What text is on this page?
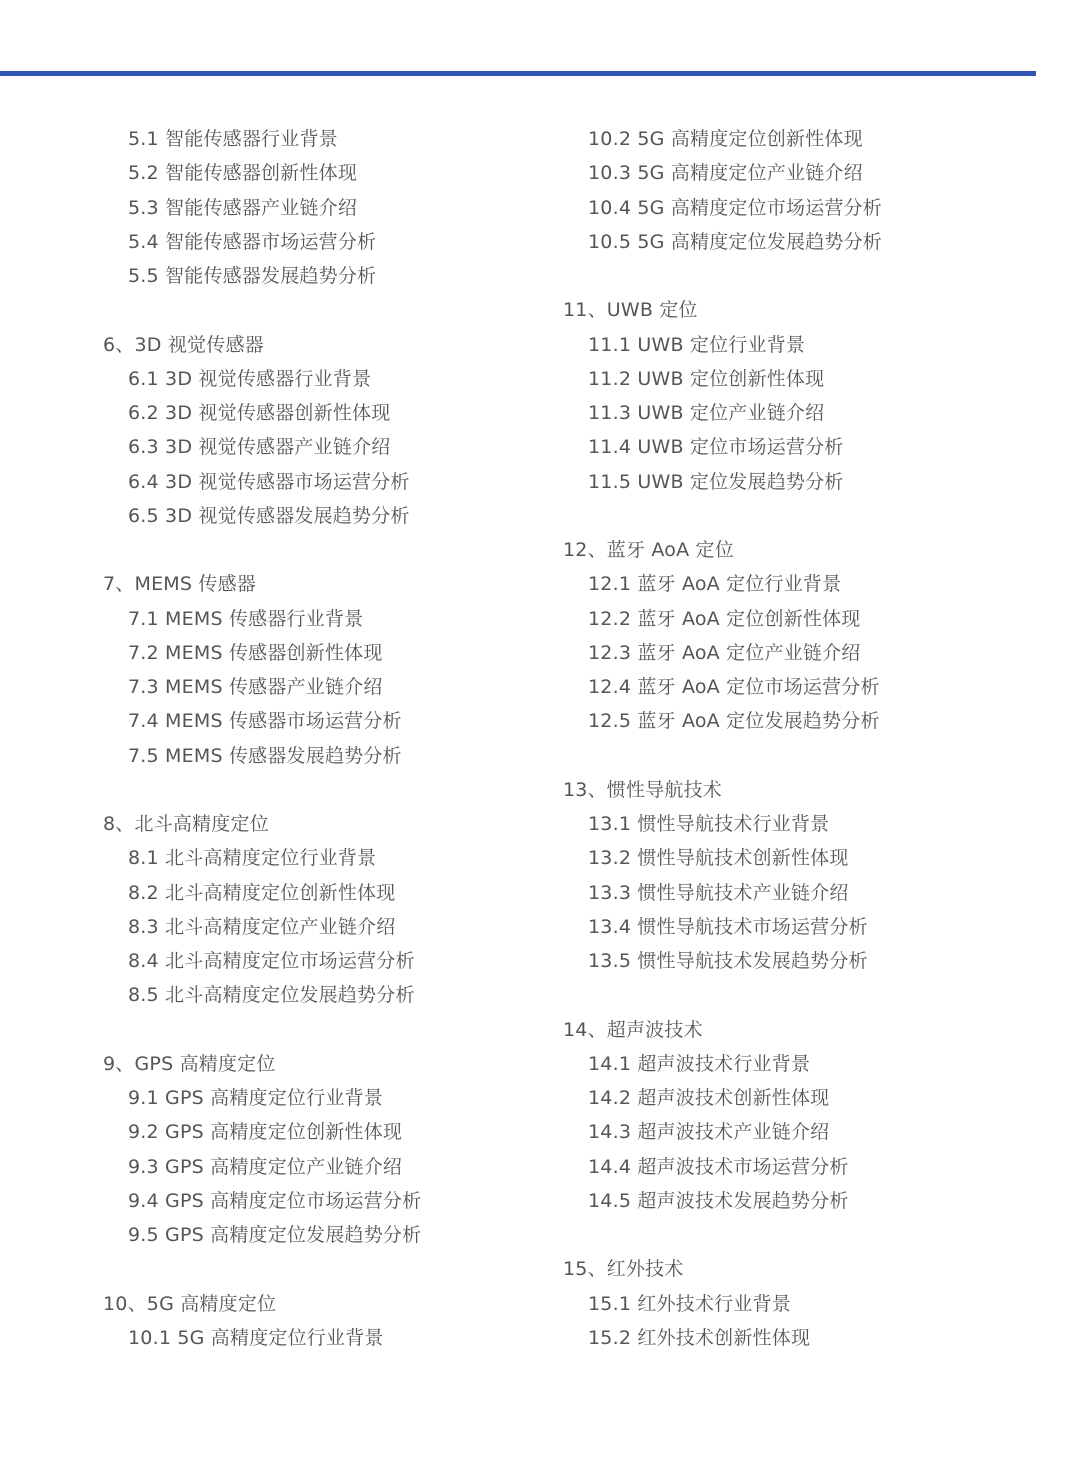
5.1 智能传感器行业背景
5.2 智能传感器创新性体现
5.3 智能传感器产业链介绍
5.4 智能传感器市场运营分析
5.5 智能传感器发展趋势分析
6、3D 视觉传感器
6.1 3D 视觉传感器行业背景
6.2 3D 视觉传感器创新性体现
6.3 3D 视觉传感器产业链介绍
6.4 3D 视觉传感器市场运营分析
6.5 3D 视觉传感器发展趋势分析
7、MEMS 传感器
7.1 MEMS 传感器行业背景
7.2 MEMS 传感器创新性体现
7.3 MEMS 传感器产业链介绍
7.4 MEMS 传感器市场运营分析
7.5 MEMS 传感器发展趋势分析
8、北斗高精度定位
8.1 北斗高精度定位行业背景
8.2 北斗高精度定位创新性体现
8.3 北斗高精度定位产业链介绍
8.4 北斗高精度定位市场运营分析
8.5 北斗高精度定位发展趋势分析
9、GPS 高精度定位
9.1 GPS 高精度定位行业背景
9.2 GPS 高精度定位创新性体现
9.3 GPS 高精度定位产业链介绍
9.4 GPS 高精度定位市场运营分析
9.5 GPS 高精度定位发展趋势分析
10、5G 高精度定位
10.1 5G 高精度定位行业背景
10.2 5G 高精度定位创新性体现
10.3 5G 高精度定位产业链介绍
10.4 5G 高精度定位市场运营分析
10.5 5G 高精度定位发展趋势分析
11、UWB 定位
11.1 UWB 定位行业背景
11.2 UWB 定位创新性体现
11.3 UWB 定位产业链介绍
11.4 UWB 定位市场运营分析
11.5 UWB 定位发展趋势分析
12、蓝牙 AoA 定位
12.1 蓝牙 AoA 定位行业背景
12.2 蓝牙 AoA 定位创新性体现
12.3 蓝牙 AoA 定位产业链介绍
12.4 蓝牙 AoA 定位市场运营分析
12.5 蓝牙 AoA 定位发展趋势分析
13、惯性导航技术
13.1 惯性导航技术行业背景
13.2 惯性导航技术创新性体现
13.3 惯性导航技术产业链介绍
13.4 惯性导航技术市场运营分析
13.5 惯性导航技术发展趋势分析
14、超声波技术
14.1 超声波技术行业背景
14.2 超声波技术创新性体现
14.3 超声波技术产业链介绍
14.4 超声波技术市场运营分析
14.5 超声波技术发展趋势分析
15、红外技术
15.1 红外技术行业背景
15.2 红外技术创新性体现
